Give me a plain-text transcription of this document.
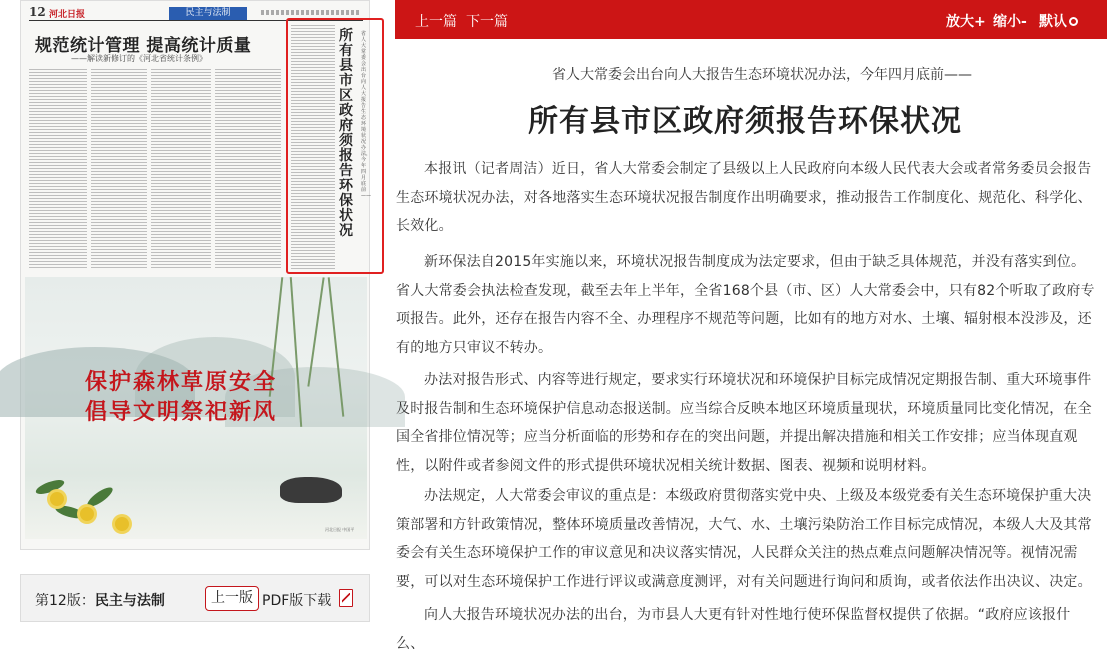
12 河北日报	民主与法制
规范统计管理 提高统计质量
——解读新修订的《河北省统计条例》
所有县市区政府须报告环保状况
省人大常委会出台向人大报告生态环境状况办法，今年四月底前——
保护森林草原安全
倡导文明祭祀新风
河北日报 中国平
第12版：民主与法制	上一版 PDF版下载
上一篇 下一篇	放大+ 缩小- 默认
省人大常委会出台向人大报告生态环境状况办法，今年四月底前——
所有县市区政府须报告环保状况

本报讯（记者周洁）近日，省人大常委会制定了县级以上人民政府向本级人民代表大会或者常务委员会报告生态环境状况办法，对各地落实生态环境状况报告制度作出明确要求，推动报告工作制度化、规范化、科学化、长效化。

新环保法自2015年实施以来，环境状况报告制度成为法定要求，但由于缺乏具体规范，并没有落实到位。省人大常委会执法检查发现，截至去年上半年，全省168个县（市、区）人大常委会中，只有82个听取了政府专项报告。此外，还存在报告内容不全、办理程序不规范等问题，比如有的地方对水、土壤、辐射根本没涉及，还有的地方只审议不转办。

办法对报告形式、内容等进行规定，要求实行环境状况和环境保护目标完成情况定期报告制、重大环境事件及时报告制和生态环境保护信息动态报送制。应当综合反映本地区环境质量现状，环境质量同比变化情况，在全国全省排位情况等；应当分析面临的形势和存在的突出问题，并提出解决措施和相关工作安排；应当体现直观性，以附件或者参阅文件的形式提供环境状况相关统计数据、图表、视频和说明材料。

办法规定，人大常委会审议的重点是：本级政府贯彻落实党中央、上级及本级党委有关生态环境保护重大决策部署和方针政策情况，整体环境质量改善情况，大气、水、土壤污染防治工作目标完成情况，本级人大及其常委会有关生态环境保护工作的审议意见和决议落实情况，人民群众关注的热点难点问题解决情况等。视情况需要，可以对生态环境保护工作进行评议或满意度测评，对有关问题进行询问和质询，或者依法作出决议、决定。

向人大报告环境状况办法的出台，为市县人大更有针对性地行使环保监督权提供了依据。“政府应该报什么、
